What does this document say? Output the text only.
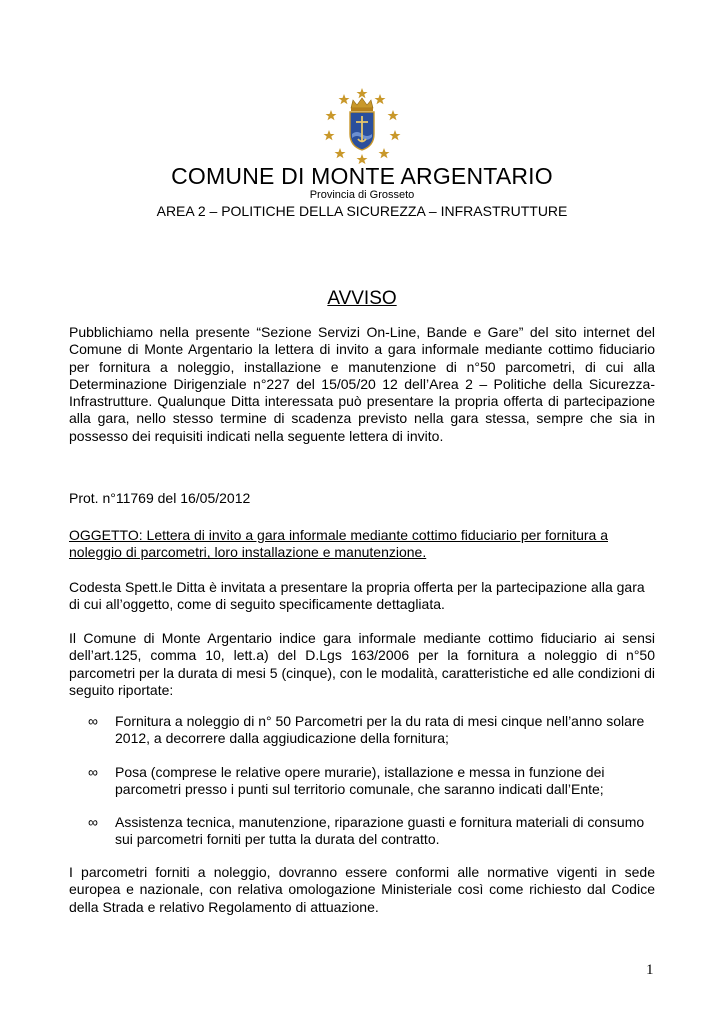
COMUNE DI MONTE ARGENTARIO
Provincia di Grosseto
AREA 2 – POLITICHE DELLA SICUREZZA – INFRASTRUTTURE
AVVISO
Pubblichiamo nella presente “Sezione Servizi On-Line, Bande e Gare” del sito internet del Comune di Monte Argentario la lettera di invito a gara informale mediante cottimo fiduciario per fornitura a noleggio, installazione e manutenzione di n°50 parcometri, di cui alla Determinazione Dirigenziale n°227 del 15/05/20 12 dell’Area 2 – Politiche della Sicurezza-Infrastrutture. Qualunque Ditta interessata può presentare la propria offerta di partecipazione alla gara, nello stesso termine di scadenza previsto nella gara stessa, sempre che sia in possesso dei requisiti indicati nella seguente lettera di invito.
Prot. n°11769 del 16/05/2012
OGGETTO: Lettera di invito a gara informale mediante cottimo fiduciario per fornitura a noleggio di parcometri, loro installazione e manutenzione.
Codesta Spett.le Ditta è invitata a presentare la propria offerta per la partecipazione alla gara di cui all’oggetto, come di seguito specificamente dettagliata.
Il Comune di Monte Argentario indice gara informale mediante cottimo fiduciario ai sensi dell’art.125, comma 10, lett.a) del D.Lgs 163/2006 per la fornitura a noleggio di n°50 parcometri per la durata di mesi 5 (cinque), con le modalità, caratteristiche ed alle condizioni di seguito riportate:
∞ Fornitura a noleggio di n° 50 Parcometri per la du rata di mesi cinque nell’anno solare 2012, a decorrere dalla aggiudicazione della fornitura;
∞ Posa (comprese le relative opere murarie), istallazione e messa in funzione dei parcometri presso i punti sul territorio comunale, che saranno indicati dall’Ente;
∞ Assistenza tecnica, manutenzione, riparazione guasti e fornitura materiali di consumo sui parcometri forniti per tutta la durata del contratto.
I parcometri forniti a noleggio, dovranno essere conformi alle normative vigenti in sede europea e nazionale, con relativa omologazione Ministeriale così come richiesto dal Codice della Strada e relativo Regolamento di attuazione.
1
